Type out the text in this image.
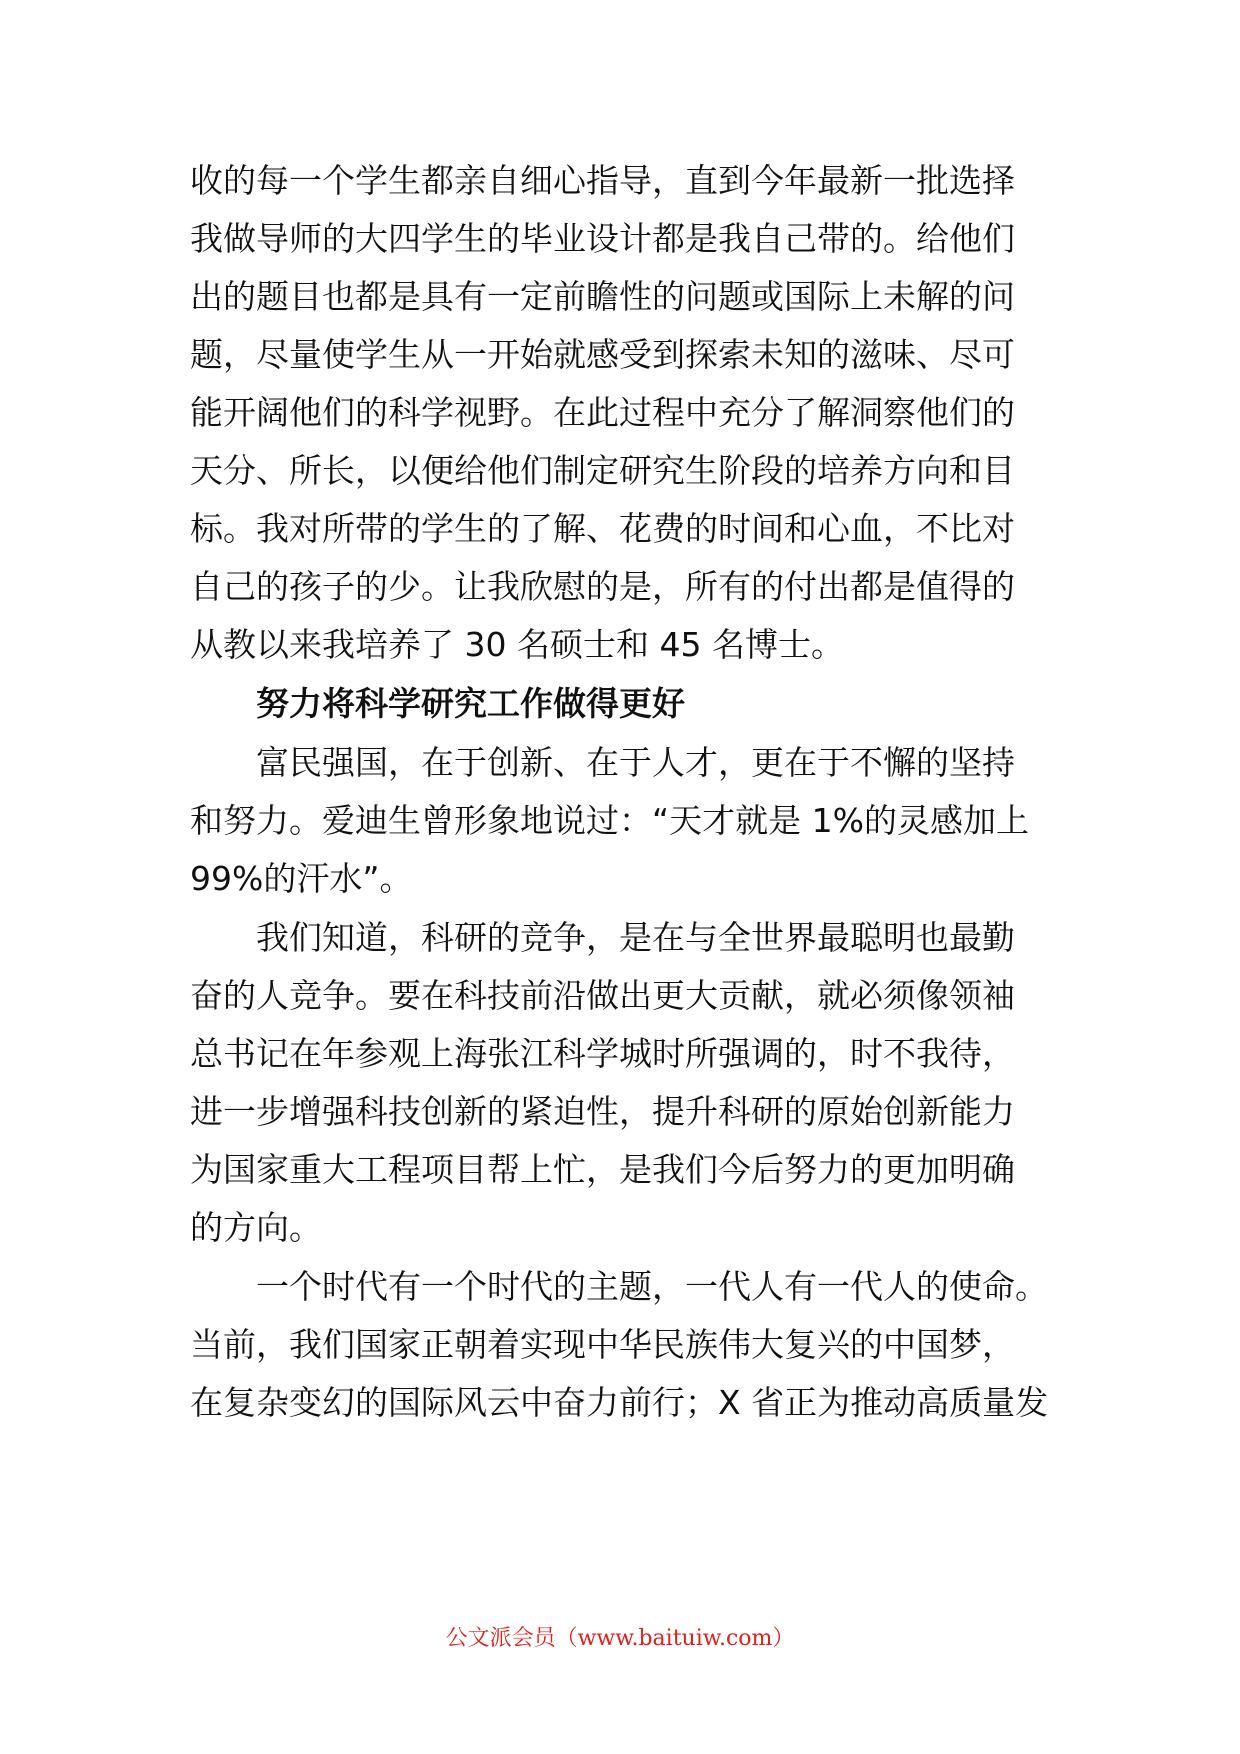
收的每一个学生都亲自细心指导，直到今年最新一批选择
我做导师的大四学生的毕业设计都是我自己带的。给他们
出的题目也都是具有一定前瞻性的问题或国际上未解的问
题，尽量使学生从一开始就感受到探索未知的滋味、尽可
能开阔他们的科学视野。在此过程中充分了解洞察他们的
天分、所长，以便给他们制定研究生阶段的培养方向和目
标。我对所带的学生的了解、花费的时间和心血，不比对
自己的孩子的少。让我欣慰的是，所有的付出都是值得的
从教以来我培养了 30 名硕士和 45 名博士。
努力将科学研究工作做得更好
富民强国，在于创新、在于人才，更在于不懈的坚持
和努力。爱迪生曾形象地说过：“天才就是 1%的灵感加上
99%的汗水”。
我们知道，科研的竞争，是在与全世界最聪明也最勤
奋的人竞争。要在科技前沿做出更大贡献，就必须像领袖
总书记在年参观上海张江科学城时所强调的，时不我待，
进一步增强科技创新的紧迫性，提升科研的原始创新能力
为国家重大工程项目帮上忙，是我们今后努力的更加明确
的方向。
一个时代有一个时代的主题，一代人有一代人的使命。
当前，我们国家正朝着实现中华民族伟大复兴的中国梦，
在复杂变幻的国际风云中奋力前行；X 省正为推动高质量发
公文派会员（www.baituiw.com）
